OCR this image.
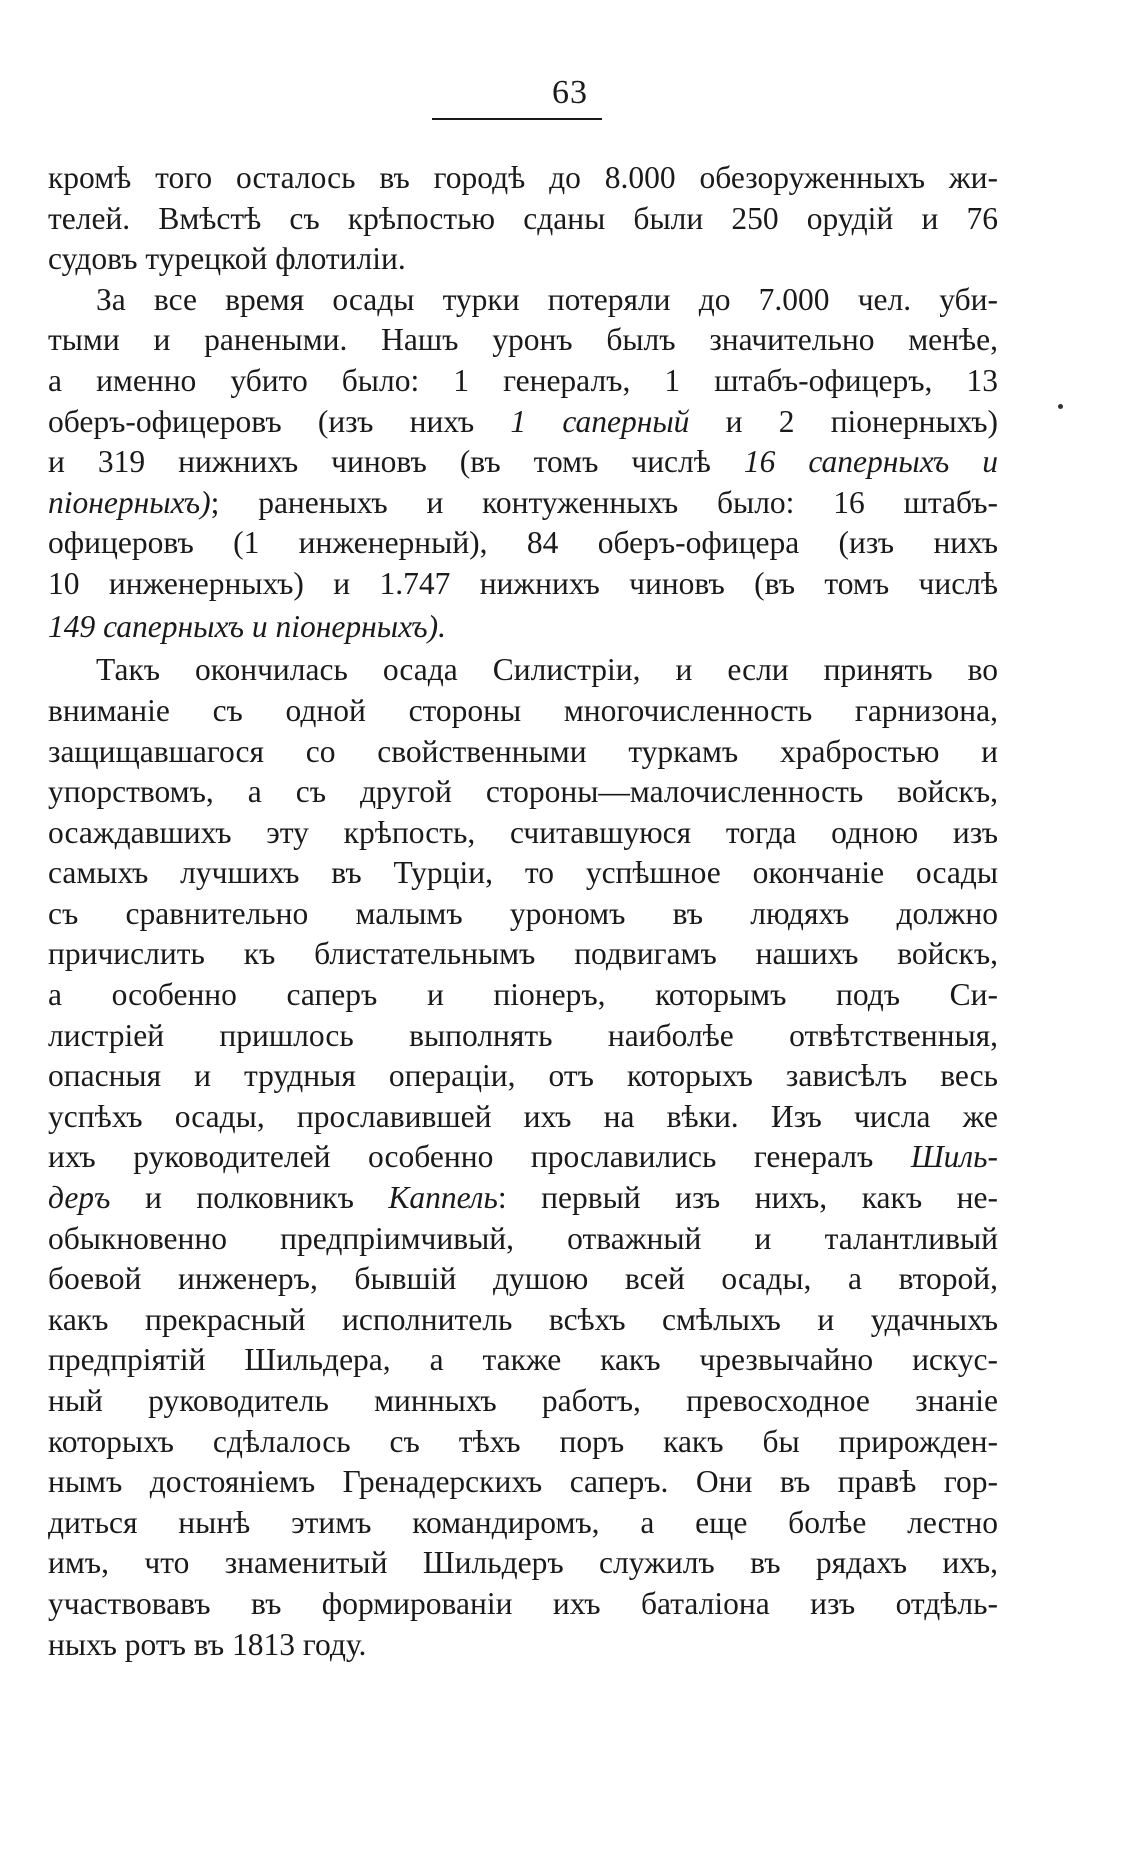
63
кромѣ того осталось въ городѣ до 8.000 обезоруженныхъ жи-
телей. Вмѣстѣ съ крѣпостью сданы были 250 орудій и 76
судовъ турецкой флотиліи.
За все время осады турки потеряли до 7.000 чел. уби-
тыми и ранеными. Нашъ уронъ былъ значительно менѣе,
а именно убито было: 1 генералъ, 1 штабъ-офицеръ, 13
оберъ-офицеровъ (изъ нихъ 1 саперный и 2 піонерныхъ)
и 319 нижнихъ чиновъ (въ томъ числѣ 16 саперныхъ и
піонерныхъ); раненыхъ и контуженныхъ было: 16 штабъ-
офицеровъ (1 инженерный), 84 оберъ-офицера (изъ нихъ
10 инженерныхъ) и 1.747 нижнихъ чиновъ (въ томъ числѣ
149 саперныхъ и піонерныхъ).
Такъ окончилась осада Силистріи, и если принять во
вниманіе съ одной стороны многочисленность гарнизона,
защищавшагося со свойственными туркамъ храбростью и
упорствомъ, а съ другой стороны—малочисленность войскъ,
осаждавшихъ эту крѣпость, считавшуюся тогда одною изъ
самыхъ лучшихъ въ Турціи, то успѣшное окончаніе осады
съ сравнительно малымъ урономъ въ людяхъ должно
причислить къ блистательнымъ подвигамъ нашихъ войскъ,
а особенно саперъ и піонеръ, которымъ подъ Си-
листріей пришлось выполнять наиболѣе отвѣтственныя,
опасныя и трудныя операціи, отъ которыхъ зависѣлъ весь
успѣхъ осады, прославившей ихъ на вѣки. Изъ числа же
ихъ руководителей особенно прославились генералъ Шиль-
деръ и полковникъ Каппель: первый изъ нихъ, какъ не-
обыкновенно предпріимчивый, отважный и талантливый
боевой инженеръ, бывшій душою всей осады, а второй,
какъ прекрасный исполнитель всѣхъ смѣлыхъ и удачныхъ
предпріятій Шильдера, а также какъ чрезвычайно искус-
ный руководитель минныхъ работъ, превосходное знаніе
которыхъ сдѣлалось съ тѣхъ поръ какъ бы прирожден-
нымъ достояніемъ Гренадерскихъ саперъ. Они въ правѣ гор-
диться нынѣ этимъ командиромъ, а еще болѣе лестно
имъ, что знаменитый Шильдеръ служилъ въ рядахъ ихъ,
участвовавъ въ формированіи ихъ баталіона изъ отдѣль-
ныхъ ротъ въ 1813 году.
